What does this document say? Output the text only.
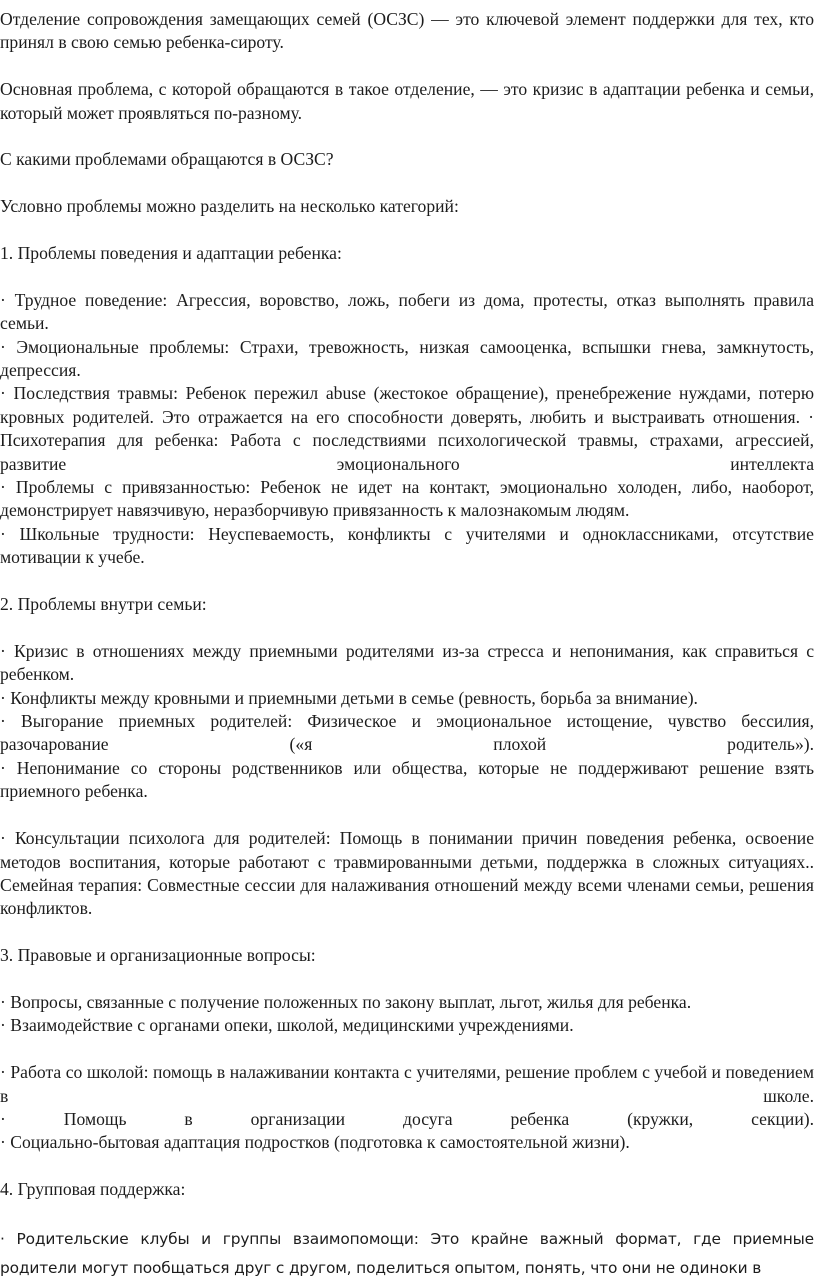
Отделение сопровождения замещающих семей (ОСЗС) — это ключевой элемент поддержки для тех, кто принял в свою семью ребенка-сироту.

Основная проблема, с которой обращаются в такое отделение, — это кризис в адаптации ребенка и семьи, который может проявляться по-разному.

С какими проблемами обращаются в ОСЗС?

Условно проблемы можно разделить на несколько категорий:

1. Проблемы поведения и адаптации ребенка:

· Трудное поведение: Агрессия, воровство, ложь, побеги из дома, протесты, отказ выполнять правила семьи.

· Эмоциональные проблемы: Страхи, тревожность, низкая самооценка, вспышки гнева, замкнутость, депрессия.

· Последствия травмы: Ребенок пережил abuse (жестокое обращение), пренебрежение нуждами, потерю кровных родителей. Это отражается на его способности доверять, любить и выстраивать отношения. · Психотерапия для ребенка: Работа с последствиями психологической травмы, страхами, агрессией, развитие эмоционального интеллекта

· Проблемы с привязанностью: Ребенок не идет на контакт, эмоционально холоден, либо, наоборот, демонстрирует навязчивую, неразборчивую привязанность к малознакомым людям.

· Школьные трудности: Неуспеваемость, конфликты с учителями и одноклассниками, отсутствие мотивации к учебе.

2. Проблемы внутри семьи:

· Кризис в отношениях между приемными родителями из-за стресса и непонимания, как справиться с ребенком.

· Конфликты между кровными и приемными детьми в семье (ревность, борьба за внимание).

· Выгорание приемных родителей: Физическое и эмоциональное истощение, чувство бессилия, разочарование («я плохой родитель»).

· Непонимание со стороны родственников или общества, которые не поддерживают решение взять приемного ребенка.

· Консультации психолога для родителей: Помощь в понимании причин поведения ребенка, освоение методов воспитания, которые работают с травмированными детьми, поддержка в сложных ситуациях..

Семейная терапия: Совместные сессии для налаживания отношений между всеми членами семьи, решения конфликтов.

3. Правовые и организационные вопросы:

· Вопросы, связанные с получение положенных по закону выплат, льгот, жилья для ребенка.

· Взаимодействие с органами опеки, школой, медицинскими учреждениями.

· Работа со школой: помощь в налаживании контакта с учителями, решение проблем с учебой и поведением в школе.

· Помощь в организации досуга ребенка (кружки, секции).

· Социально-бытовая адаптация подростков (подготовка к самостоятельной жизни).

4. Групповая поддержка:

· Родительские клубы и группы взаимопомощи: Это крайне важный формат, где приемные родители могут пообщаться друг с другом, поделиться опытом, понять, что они не одиноки в
